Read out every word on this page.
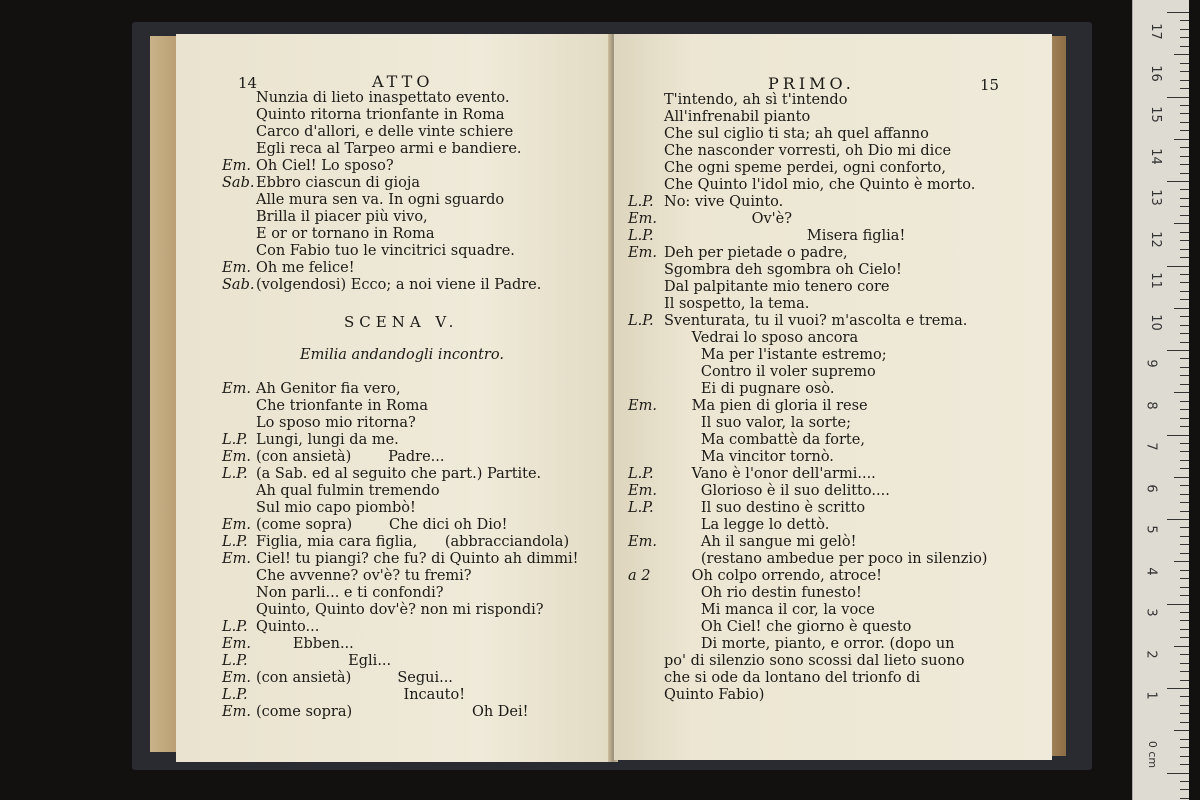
14	ATTO
Nunzia di lieto inaspettato evento.
Quinto ritorna trionfante in Roma
Carco d'allori, e delle vinte schiere
Egli reca al Tarpeo armi e bandiere.
Em. Oh Ciel! Lo sposo?
Sab. Ebbro ciascun di gioja
Alle mura sen va. In ogni sguardo
Brilla il piacer più vivo,
E or or tornano in Roma
Con Fabio tuo le vincitrici squadre.
Em. Oh me felice!
Sab. (volgendosi) Ecco; a noi viene il Padre.
SCENA V.
Emilia andandogli incontro.
Em. Ah Genitor fia vero,
Che trionfante in Roma
Lo sposo mio ritorna?
L.P. Lungi, lungi da me.
Em. (con ansietà)        Padre...
L.P. (a Sab. ed al seguito che part.) Partite.
Ah qual fulmin tremendo
Sul mio capo piombò!
Em. (come sopra)        Che dici oh Dio!
L.P. Figlia, mia cara figlia,      (abbracciandola)
Em. Ciel! tu piangi? che fu? di Quinto ah dimmi!
Che avvenne? ov'è? tu fremi?
Non parli... e ti confondi?
Quinto, Quinto dov'è? non mi rispondi?
L.P. Quinto...
Em. Ebben...
L.P. Egli...
Em. (con ansietà)          Segui...
L.P. Incauto!
Em. (come sopra)                          Oh Dei!
PRIMO.	15
T'intendo, ah sì t'intendo
All'infrenabil pianto
Che sul ciglio ti sta; ah quel affanno
Che nasconder vorresti, oh Dio mi dice
Che ogni speme perdei, ogni conforto,
Che Quinto l'idol mio, che Quinto è morto.
L.P. No: vive Quinto.
Em. Ov'è?
L.P. Misera figlia!
Em. Deh per pietade o padre,
Sgombra deh sgombra oh Cielo!
Dal palpitante mio tenero core
Il sospetto, la tema.
L.P. Sventurata, tu il vuoi? m'ascolta e trema.
Vedrai lo sposo ancora
Ma per l'istante estremo;
Contro il voler supremo
Ei di pugnare osò.
Em. Ma pien di gloria il rese
Il suo valor, la sorte;
Ma combattè da forte,
Ma vincitor tornò.
L.P. Vano è l'onor dell'armi....
Em. Glorioso è il suo delitto....
L.P. Il suo destino è scritto
La legge lo dettò.
Em. Ah il sangue mi gelò!
(restano ambedue per poco in silenzio)
a 2 Oh colpo orrendo, atroce!
Oh rio destin funesto!
Mi manca il cor, la voce
Oh Ciel! che giorno è questo
Di morte, pianto, e orror. (dopo un
po' di silenzio sono scossi dal lieto suono
che si ode da lontano del trionfo di
Quinto Fabio)
17
16
15
14
13
12
11
10
9
8
7
6
5
4
3
2
1
0 cm
